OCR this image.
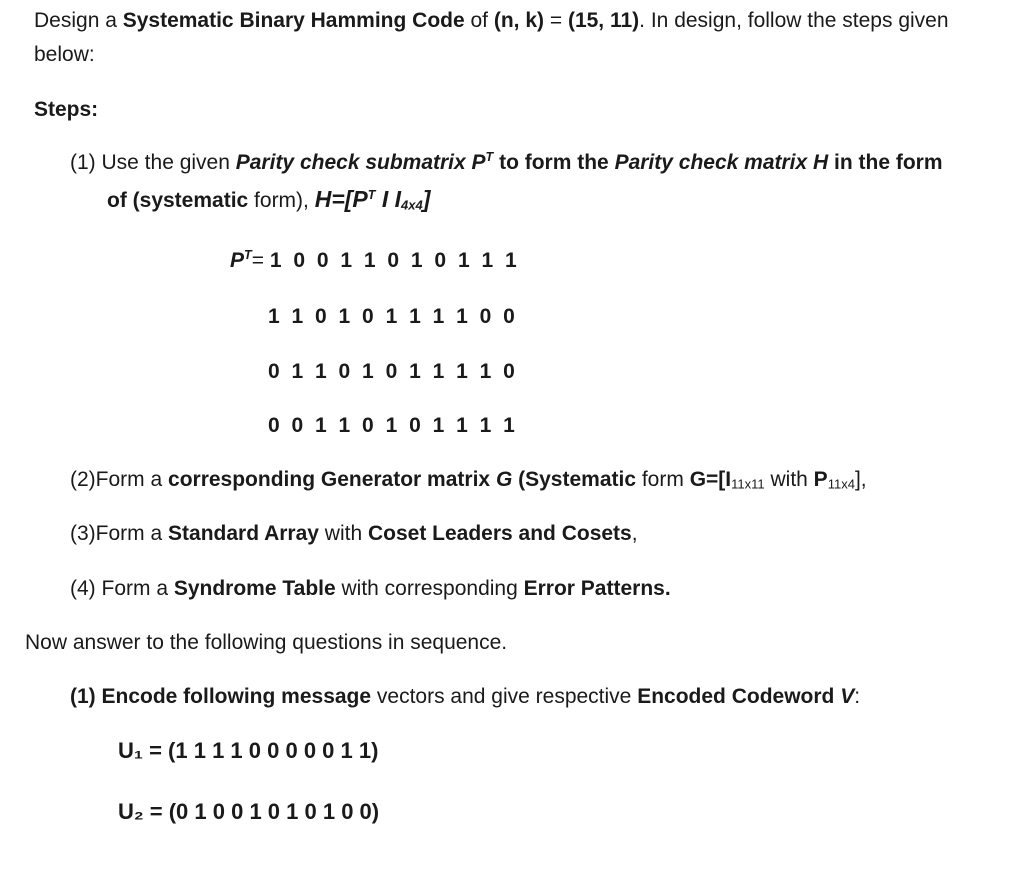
Design a Systematic Binary Hamming Code of (n, k) = (15, 11). In design, follow the steps given
below:
Steps:
(1) Use the given Parity check submatrix $P^T$ to form the Parity check matrix H in the form
of (systematic form), $H=[P^T$ I $I_{4x4}$]
$P^T= 1$ 0 0 1 1 0 1 0 1 1 1
1 1 0 1 0 1 1 1 1 0 0
0 1 1 0 1 0 1 1 1 1 0
0 0 1 1 0 1 0 1 1 1 1
(2)Form a corresponding Generator matrix G (Systematic form $G=[I_{11x11}$ with $P_{11x4}$],
(3)Form a Standard Array with Coset Leaders and Cosets,
(4) Form a Syndrome Table with corresponding Error Patterns.
Now answer to the following questions in sequence.
(1) Encode following message vectors and give respective Encoded Codeword V:
U₁ = (1 1 1 1 0 0 0 0 0 1 1)
U₂ = (0 1 0 0 1 0 1 0 1 0 0)
